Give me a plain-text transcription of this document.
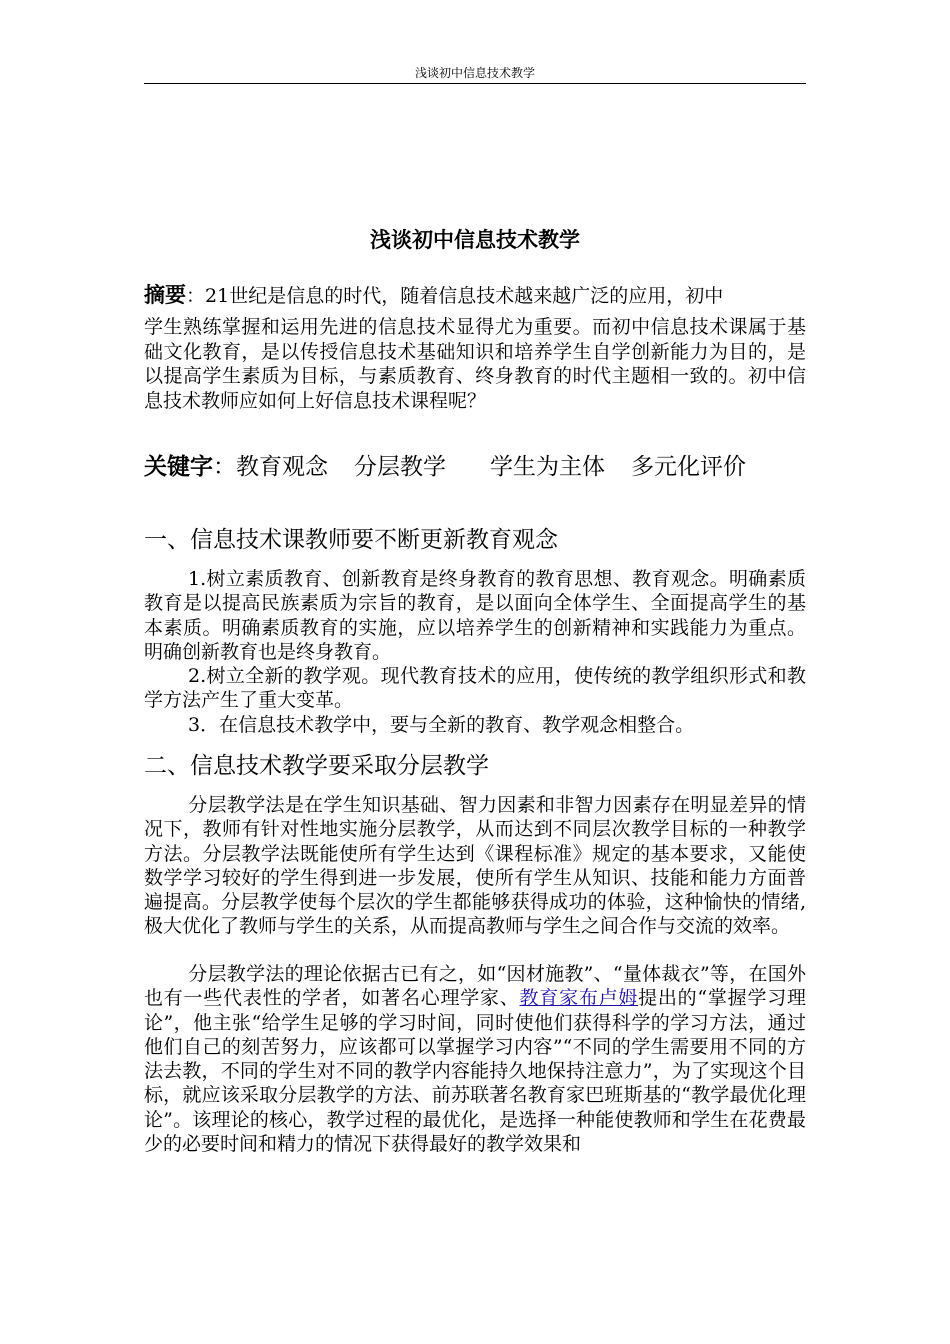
浅谈初中信息技术教学
浅谈初中信息技术教学
摘要：21世纪是信息的时代，随着信息技术越来越广泛的应用，初中
学生熟练掌握和运用先进的信息技术显得尤为重要。而初中信息技术课属于基础文化教育，是以传授信息技术基础知识和培养学生自学创新能力为目的，是以提高学生素质为目标，与素质教育、终身教育的时代主题相一致的。初中信息技术教师应如何上好信息技术课程呢？
关键字：教育观念 分层教学 学生为主体 多元化评价
一、信息技术课教师要不断更新教育观念
1.树立素质教育、创新教育是终身教育的教育思想、教育观念。明确素质教育是以提高民族素质为宗旨的教育，是以面向全体学生、全面提高学生的基本素质。明确素质教育的实施，应以培养学生的创新精神和实践能力为重点。明确创新教育也是终身教育。
2.树立全新的教学观。现代教育技术的应用，使传统的教学组织形式和教学方法产生了重大变革。
3．在信息技术教学中，要与全新的教育、教学观念相整合。
二、信息技术教学要采取分层教学
分层教学法是在学生知识基础、智力因素和非智力因素存在明显差异的情况下，教师有针对性地实施分层教学，从而达到不同层次教学目标的一种教学方法。分层教学法既能使所有学生达到《课程标准》规定的基本要求，又能使数学学习较好的学生得到进一步发展，使所有学生从知识、技能和能力方面普遍提高。分层教学使每个层次的学生都能够获得成功的体验，这种愉快的情绪,极大优化了教师与学生的关系，从而提高教师与学生之间合作与交流的效率。
分层教学法的理论依据古已有之，如“因材施教”、“量体裁衣”等，在国外也有一些代表性的学者，如著名心理学家、教育家布卢姆提出的“掌握学习理论”，他主张“给学生足够的学习时间，同时使他们获得科学的学习方法，通过他们自己的刻苦努力，应该都可以掌握学习内容”“不同的学生需要用不同的方法去教，不同的学生对不同的教学内容能持久地保持注意力”，为了实现这个目标，就应该采取分层教学的方法、前苏联著名教育家巴班斯基的“教学最优化理论”。该理论的核心，教学过程的最优化，是选择一种能使教师和学生在花费最少的必要时间和精力的情况下获得最好的教学效果和
